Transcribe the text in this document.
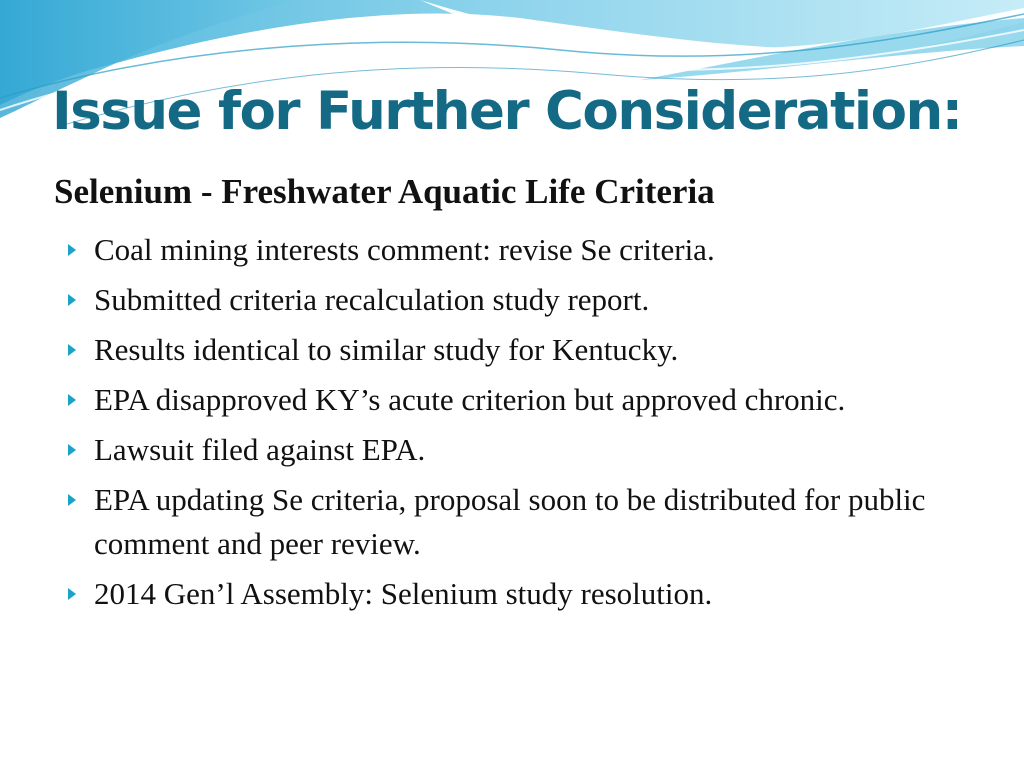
Issue for Further Consideration:
Selenium - Freshwater Aquatic Life Criteria
Coal mining interests comment: revise Se criteria.
Submitted criteria recalculation study report.
Results identical to similar study for Kentucky.
EPA disapproved KY’s acute criterion but approved chronic.
Lawsuit filed against EPA.
EPA updating Se criteria, proposal soon to be distributed for public comment and peer review.
2014 Gen’l Assembly: Selenium study resolution.
